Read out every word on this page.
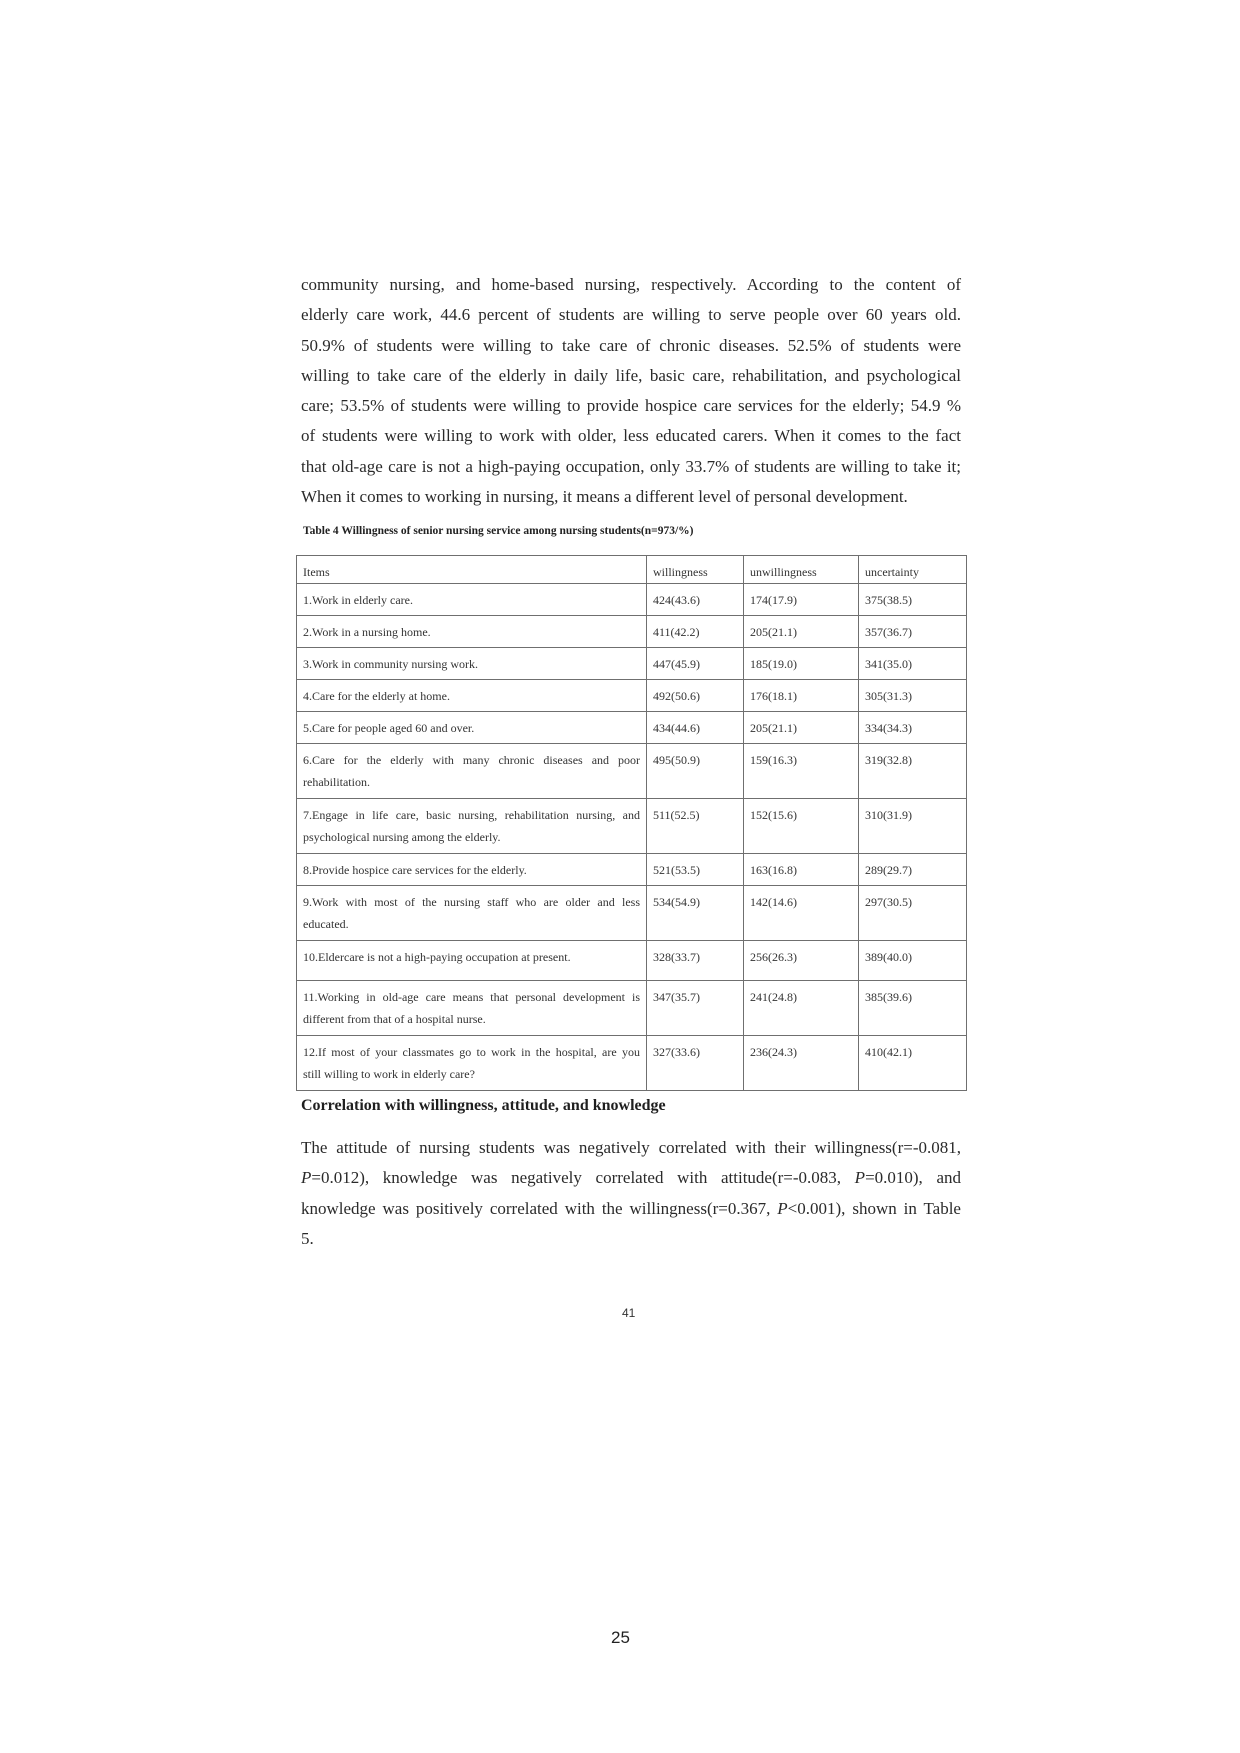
community nursing, and home-based nursing, respectively. According to the content of
elderly care work, 44.6 percent of students are willing to serve people over 60 years old.
50.9% of students were willing to take care of chronic diseases. 52.5% of students were
willing to take care of the elderly in daily life, basic care, rehabilitation, and psychological
care; 53.5% of students were willing to provide hospice care services for the elderly; 54.9 %
of students were willing to work with older, less educated carers. When it comes to the fact
that old-age care is not a high-paying occupation, only 33.7% of students are willing to take it;
When it comes to working in nursing, it means a different level of personal development.

Table 4 Willingness of senior nursing service among nursing students(n=973/%)
Items	willingness	unwillingness	uncertainty
1.Work in elderly care.	424(43.6)	174(17.9)	375(38.5)
2.Work in a nursing home.	411(42.2)	205(21.1)	357(36.7)
3.Work in community nursing work.	447(45.9)	185(19.0)	341(35.0)
4.Care for the elderly at home.	492(50.6)	176(18.1)	305(31.3)
5.Care for people aged 60 and over.	434(44.6)	205(21.1)	334(34.3)

6.Care for the elderly with many chronic diseases and poor
rehabilitation.	495(50.9)	159(16.3)	319(32.8)

7.Engage in life care, basic nursing, rehabilitation nursing, and
psychological nursing among the elderly.	511(52.5)	152(15.6)	310(31.9)
8.Provide hospice care services for the elderly.	521(53.5)	163(16.8)	289(29.7)

9.Work with most of the nursing staff who are older and less
educated.	534(54.9)	142(14.6)	297(30.5)
10.Eldercare is not a high-paying occupation at present.	328(33.7)	256(26.3)	389(40.0)

11.Working in old-age care means that personal development is
different from that of a hospital nurse.	347(35.7)	241(24.8)	385(39.6)

12.If most of your classmates go to work in the hospital, are you
still willing to work in elderly care?	327(33.6)	236(24.3)	410(42.1)
Correlation with willingness, attitude, and knowledge

The attitude of nursing students was negatively correlated with their willingness(r=-0.081,
P=0.012), knowledge was negatively correlated with attitude(r=-0.083, P=0.010), and
knowledge was positively correlated with the willingness(r=0.367, P<0.001), shown in Table
5.

41
25
